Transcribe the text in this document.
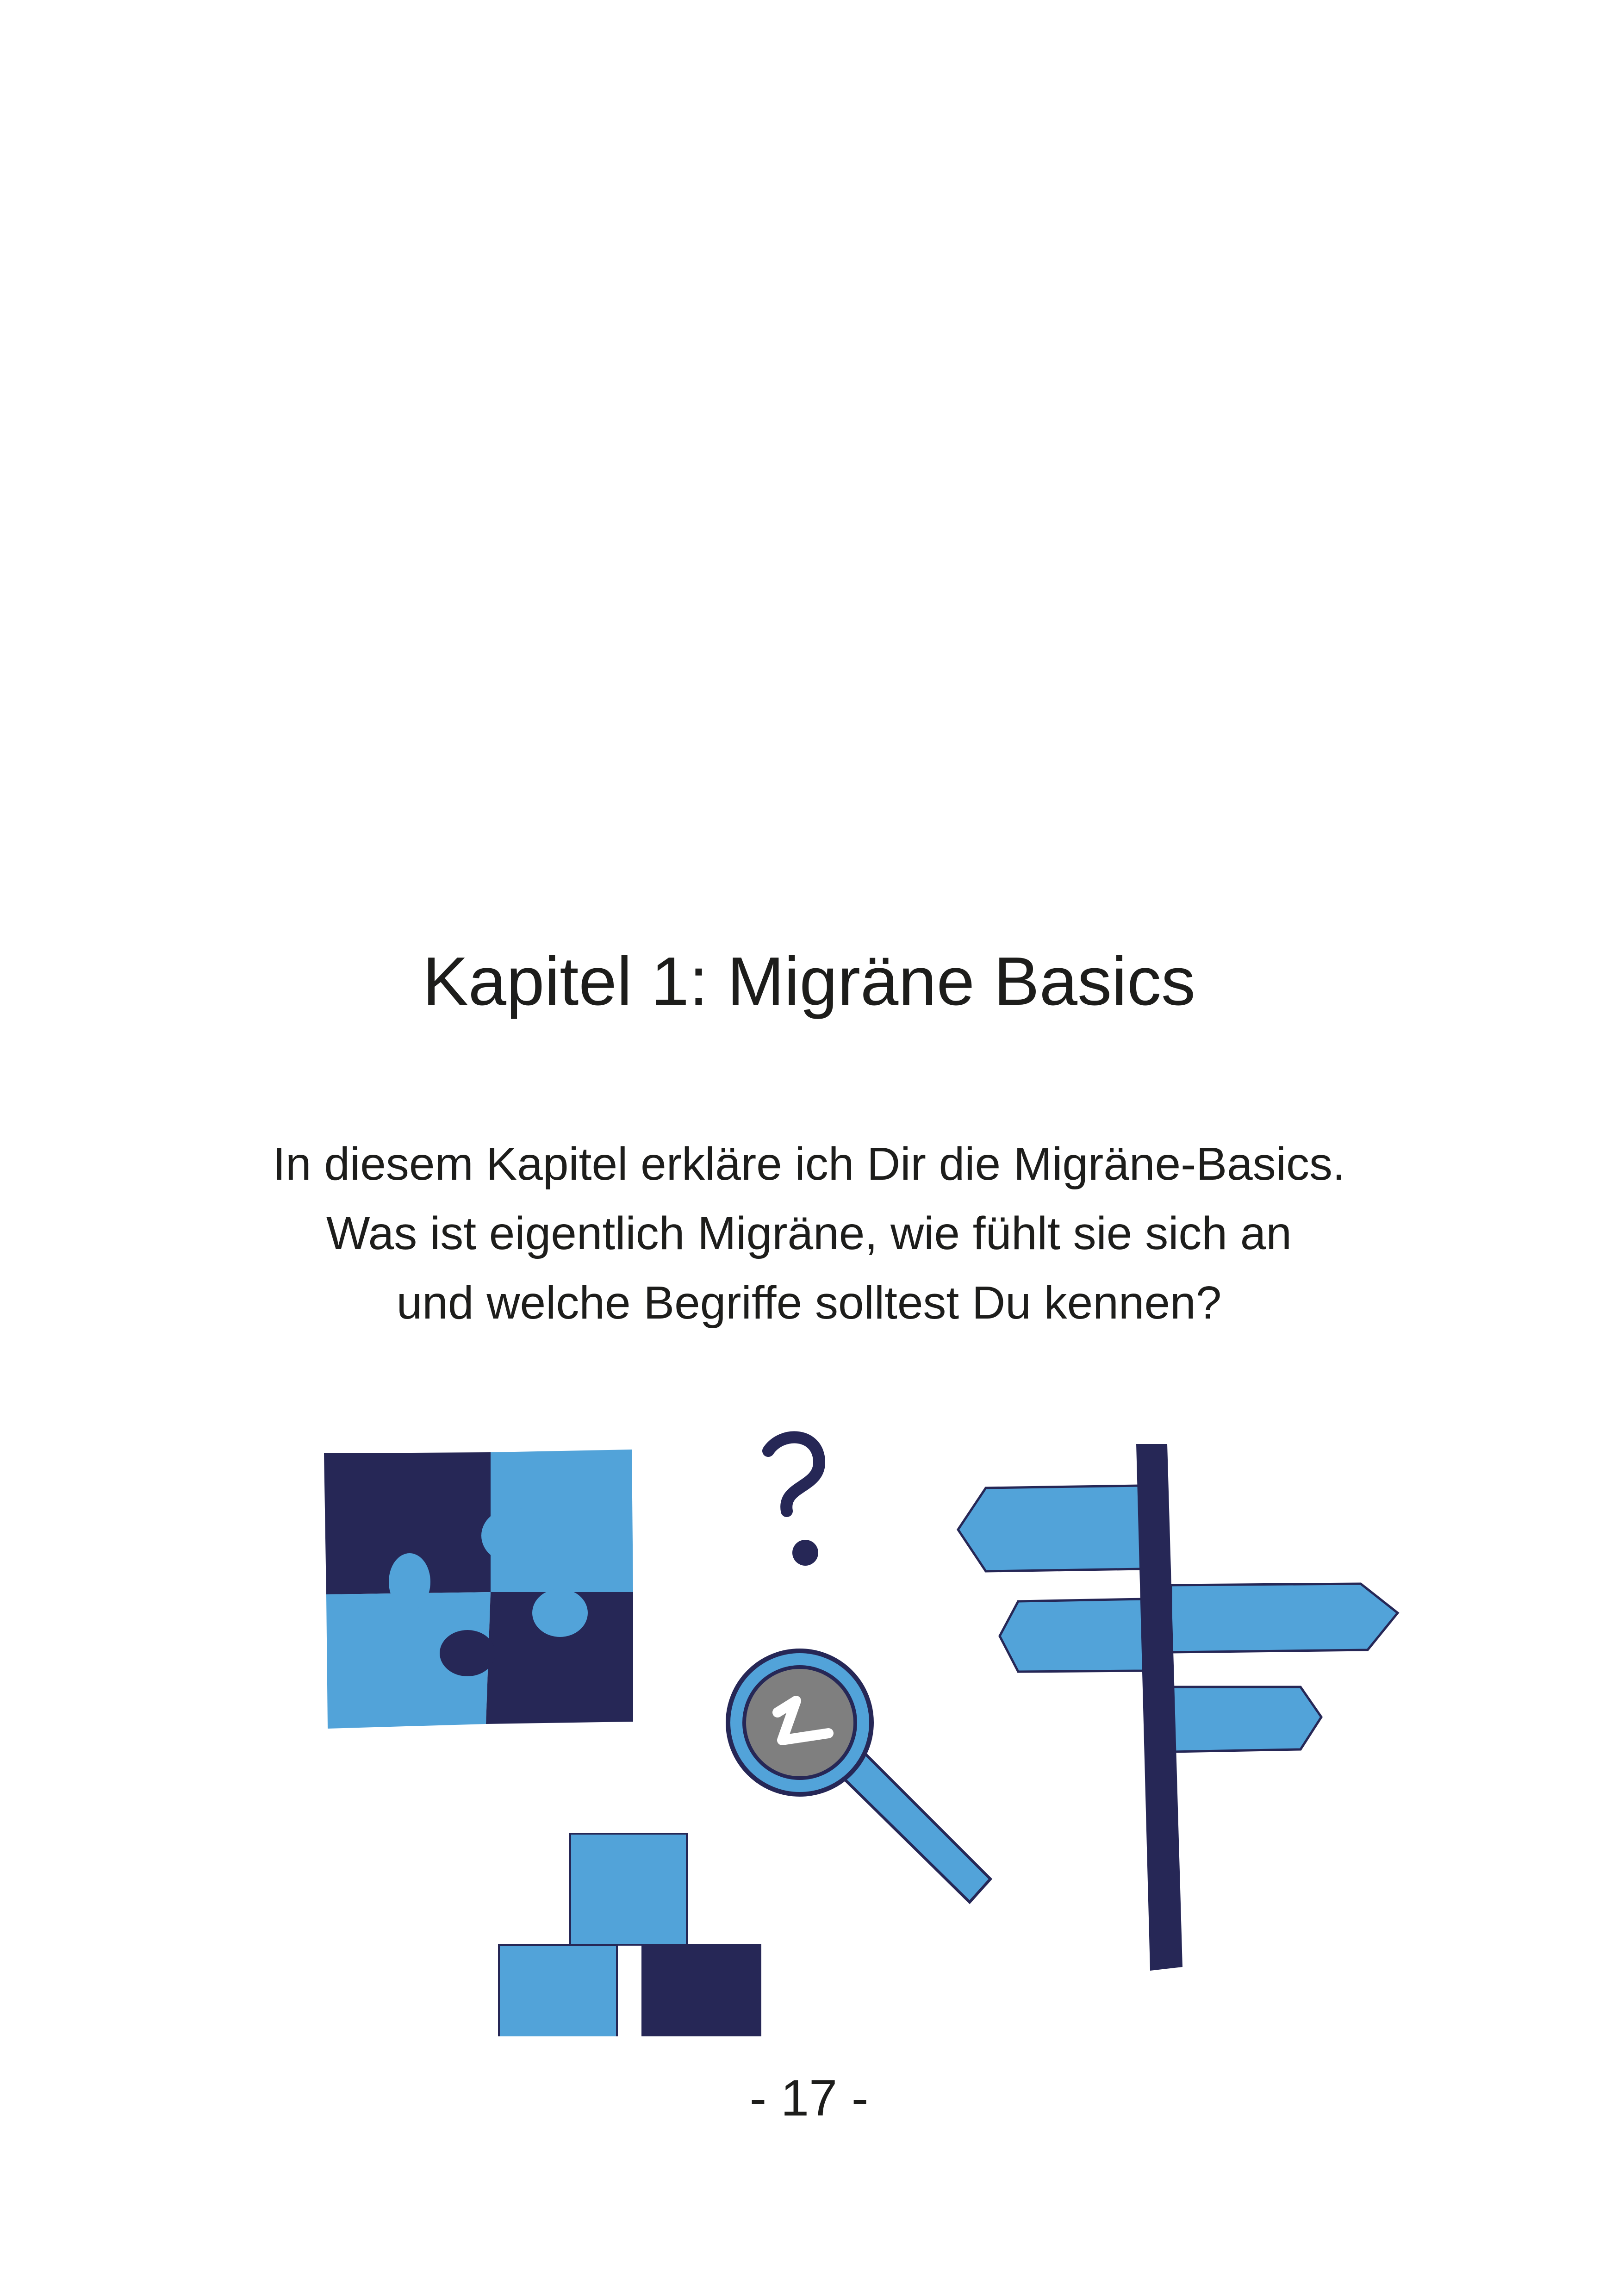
Kapitel 1: Migräne Basics
In diesem Kapitel erkläre ich Dir die Migräne-Basics.
Was ist eigentlich Migräne, wie fühlt sie sich an
und welche Begriffe solltest Du kennen?
- 17 -
